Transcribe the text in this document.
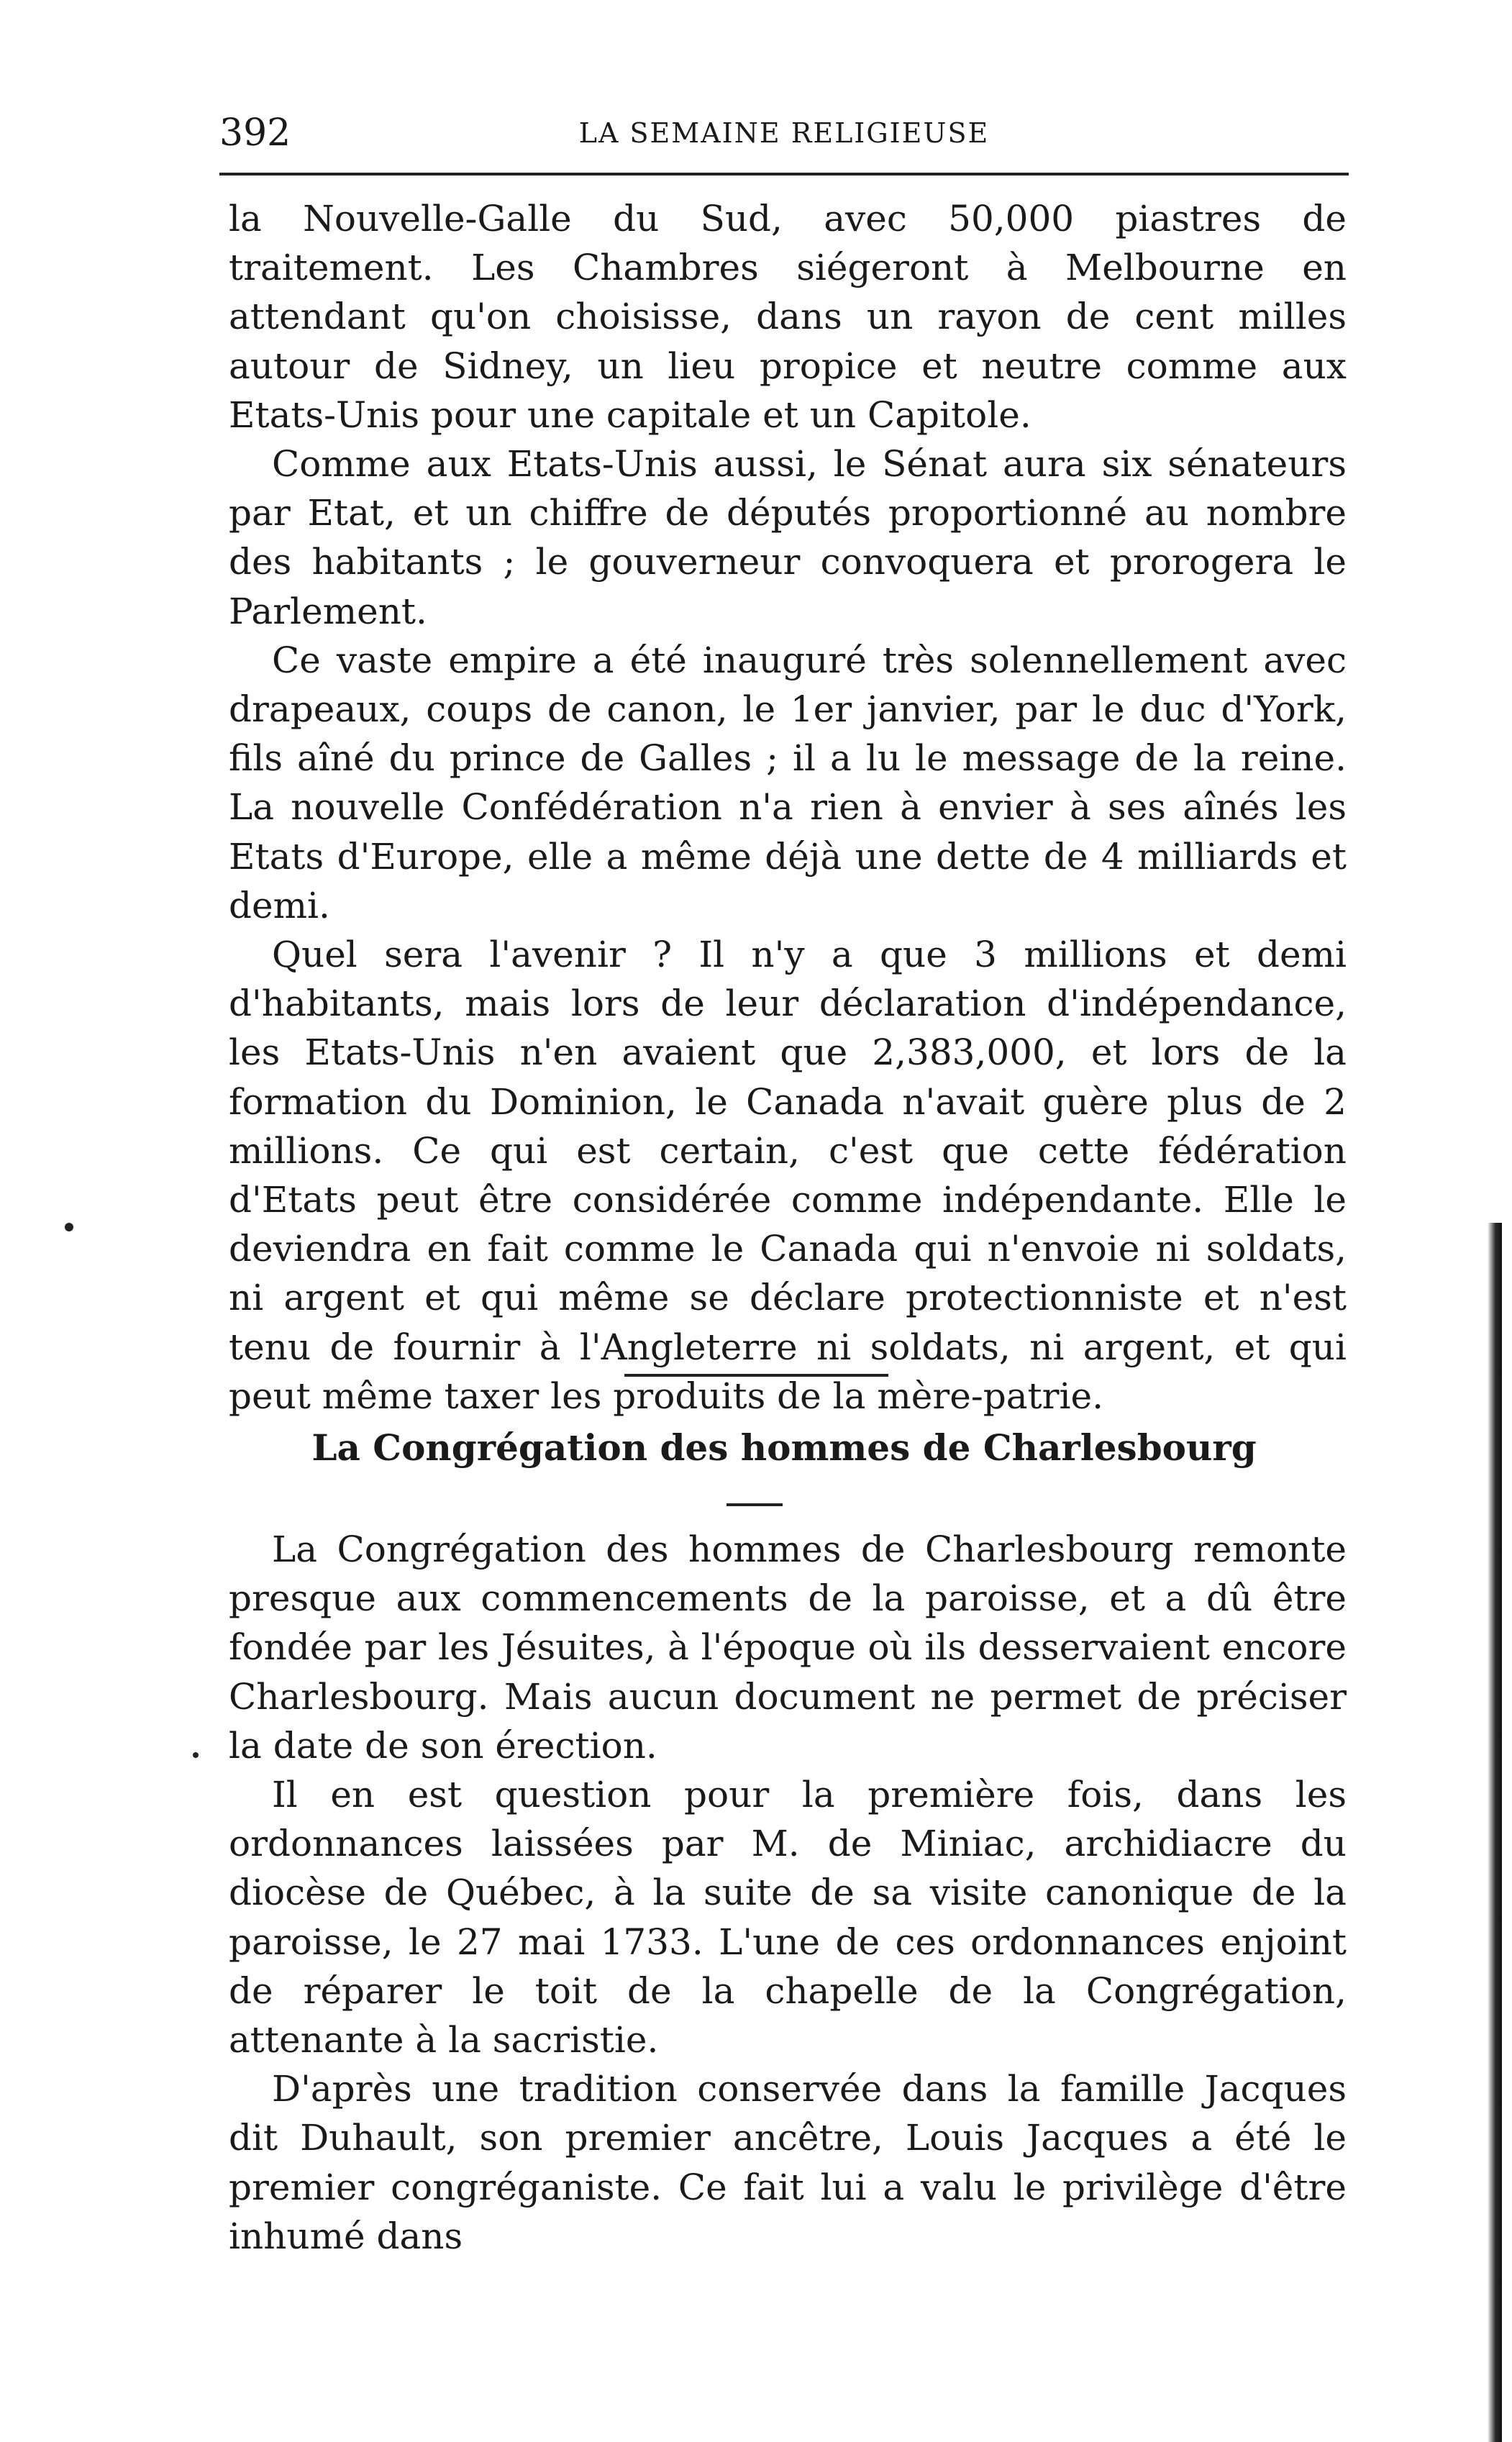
392	LA SEMAINE RELIGIEUSE

la Nouvelle-Galle du Sud, avec 50,000 piastres de traitement. Les Chambres siégeront à Melbourne en attendant qu'on choisisse, dans un rayon de cent milles autour de Sidney, un lieu propice et neutre comme aux Etats-Unis pour une capitale et un Capitole.

Comme aux Etats-Unis aussi, le Sénat aura six sénateurs par Etat, et un chiffre de députés proportionné au nombre des habitants ; le gouverneur convoquera et prorogera le Parlement.

Ce vaste empire a été inauguré très solennellement avec drapeaux, coups de canon, le 1er janvier, par le duc d'York, fils aîné du prince de Galles ; il a lu le message de la reine. La nouvelle Confédération n'a rien à envier à ses aînés les Etats d'Europe, elle a même déjà une dette de 4 milliards et demi.

Quel sera l'avenir ? Il n'y a que 3 millions et demi d'habitants, mais lors de leur déclaration d'indépendance, les Etats-Unis n'en avaient que 2,383,000, et lors de la formation du Dominion, le Canada n'avait guère plus de 2 millions. Ce qui est certain, c'est que cette fédération d'Etats peut être considérée comme indépendante. Elle le deviendra en fait comme le Canada qui n'envoie ni soldats, ni argent et qui même se déclare protectionniste et n'est tenu de fournir à l'Angleterre ni soldats, ni argent, et qui peut même taxer les produits de la mère-patrie.

La Congrégation des hommes de Charlesbourg

La Congrégation des hommes de Charlesbourg remonte presque aux commencements de la paroisse, et a dû être fondée par les Jésuites, à l'époque où ils desservaient encore Charlesbourg. Mais aucun document ne permet de préciser la date de son érection.

Il en est question pour la première fois, dans les ordonnances laissées par M. de Miniac, archidiacre du diocèse de Québec, à la suite de sa visite canonique de la paroisse, le 27 mai 1733. L'une de ces ordonnances enjoint de réparer le toit de la chapelle de la Congrégation, attenante à la sacristie.

D'après une tradition conservée dans la famille Jacques dit Duhault, son premier ancêtre, Louis Jacques a été le premier congréganiste. Ce fait lui a valu le privilège d'être inhumé dans
